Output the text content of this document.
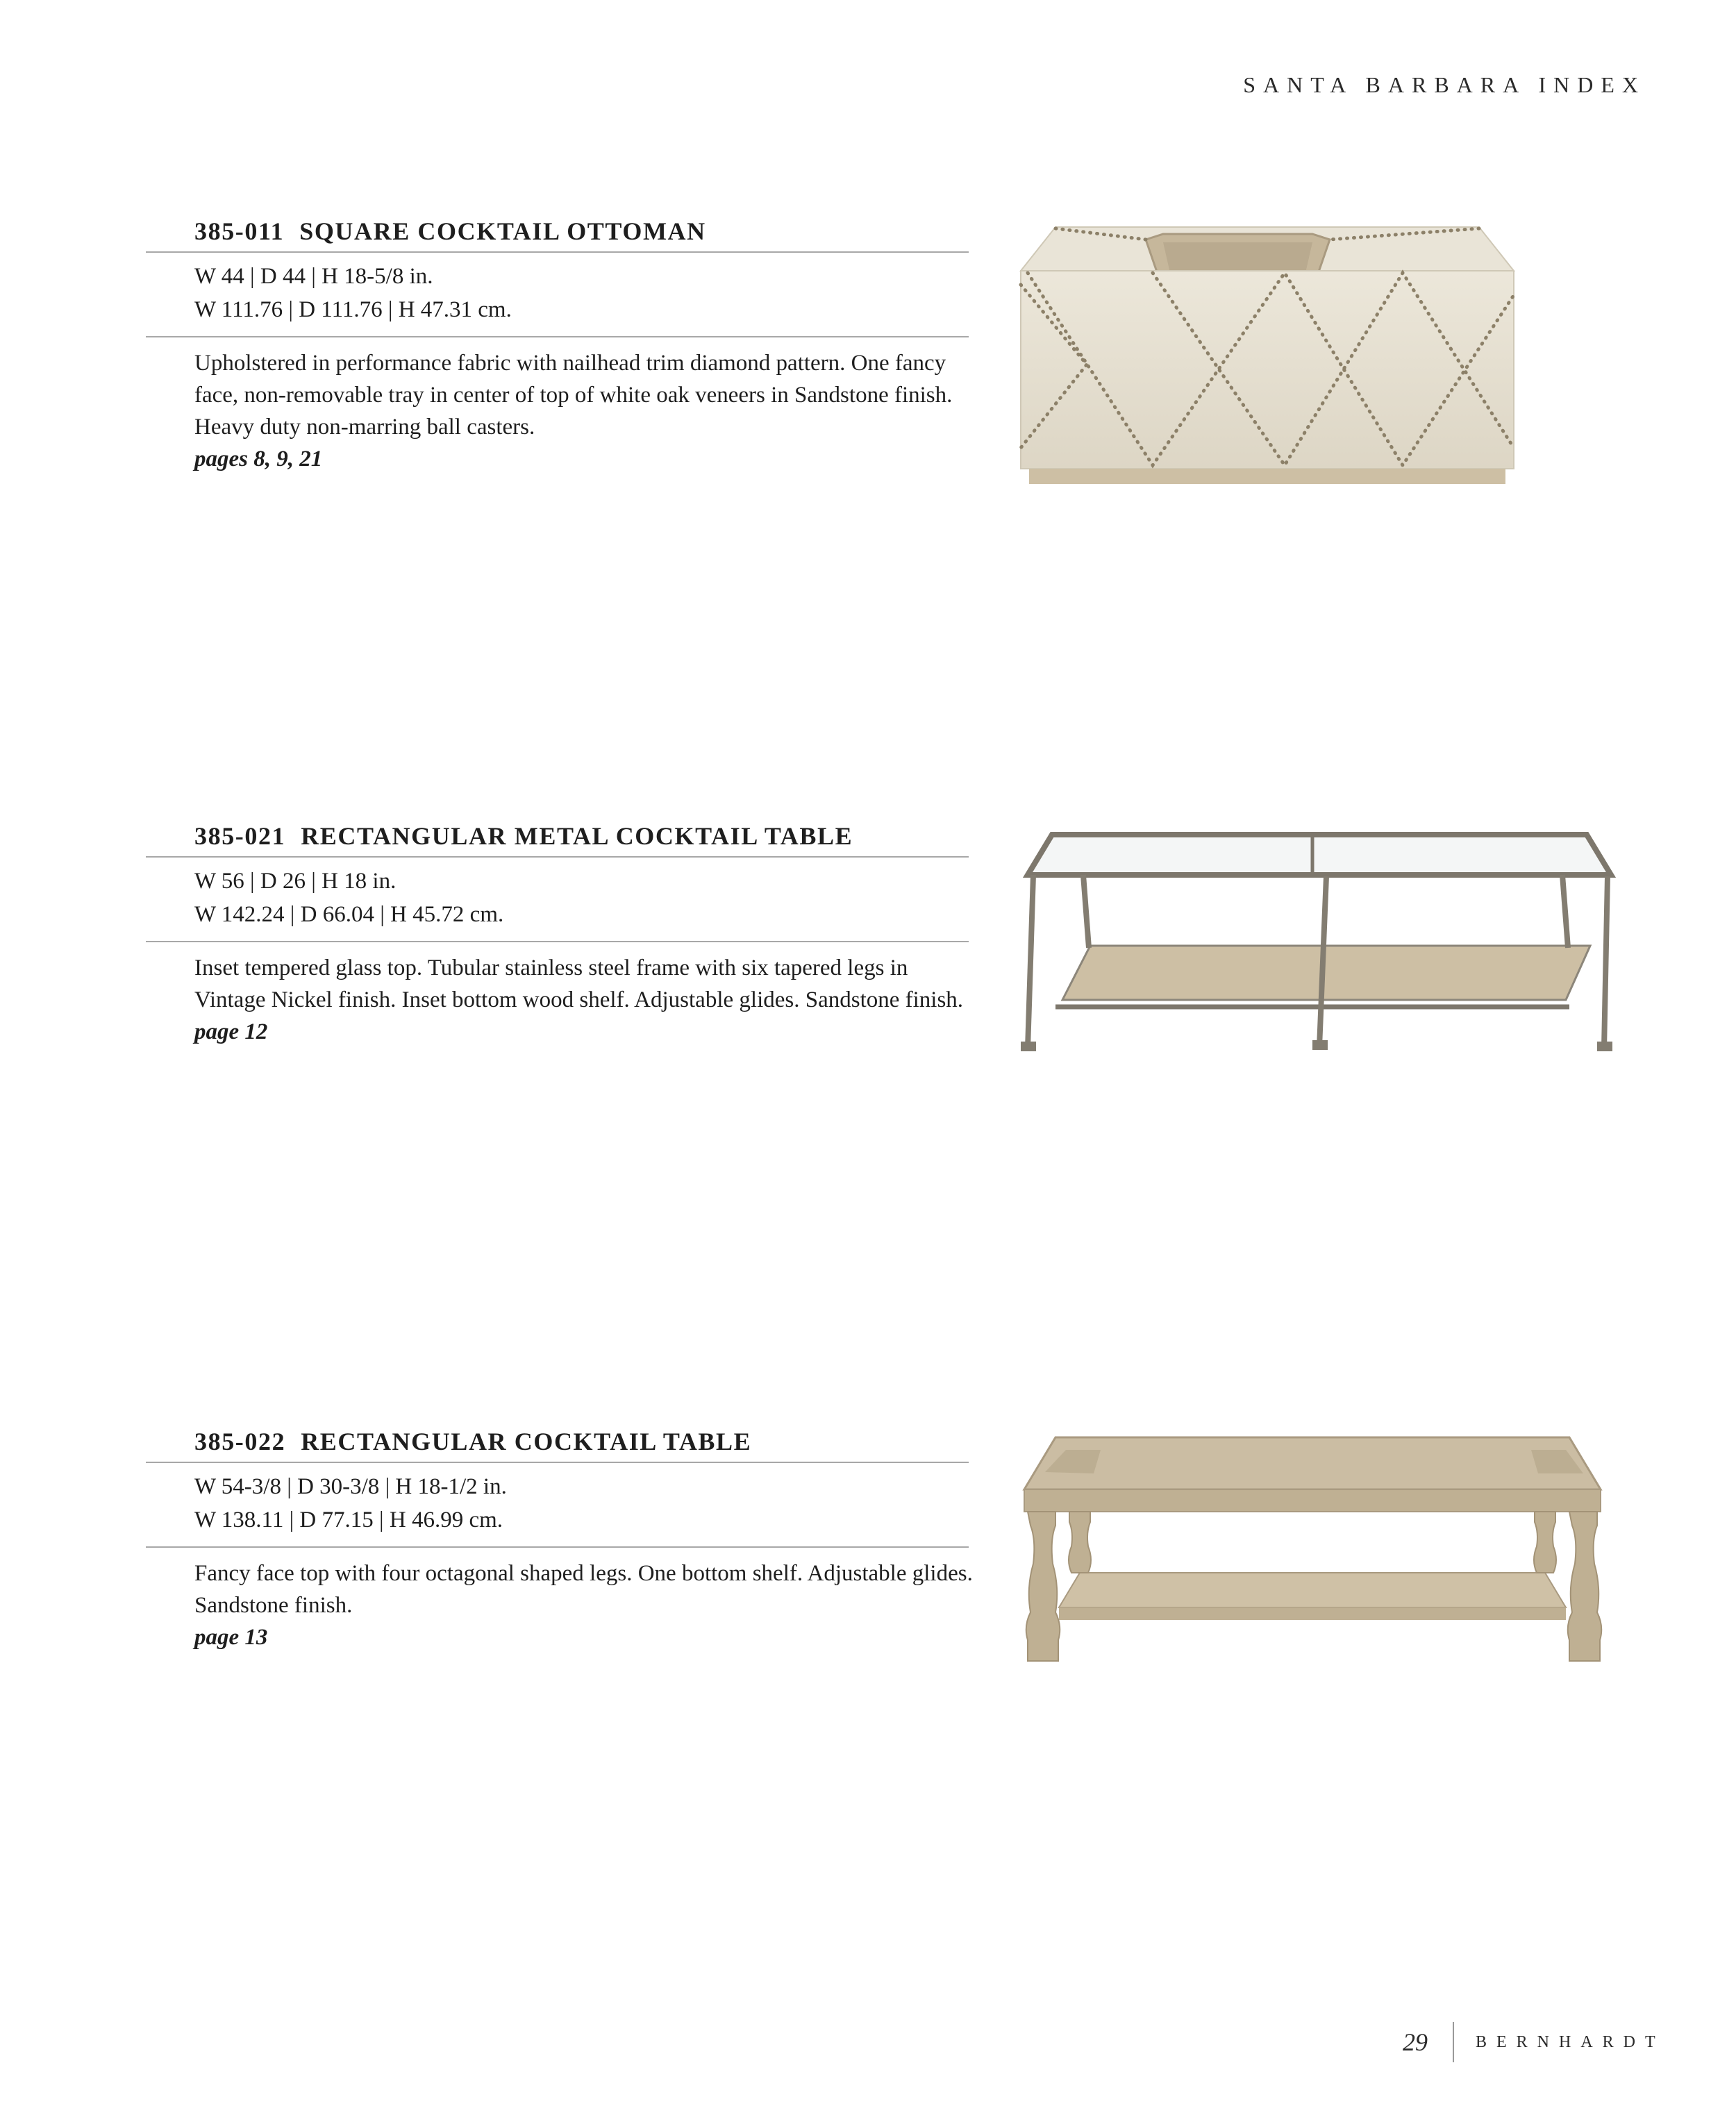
SANTA BARBARA INDEX
385-011 SQUARE COCKTAIL OTTOMAN
W 44 | D 44 | H 18-5/8 in.
W 111.76 | D 111.76 | H 47.31 cm.
Upholstered in performance fabric with nailhead trim diamond pattern. One fancy face, non-removable tray in center of top of white oak veneers in Sandstone finish. Heavy duty non-marring ball casters.
pages 8, 9, 21
385-021 RECTANGULAR METAL COCKTAIL TABLE
W 56 | D 26 | H 18 in.
W 142.24 | D 66.04 | H 45.72 cm.
Inset tempered glass top. Tubular stainless steel frame with six tapered legs in Vintage Nickel finish. Inset bottom wood shelf. Adjustable glides. Sandstone finish.
page 12
385-022 RECTANGULAR COCKTAIL TABLE
W 54-3/8 | D 30-3/8 | H 18-1/2 in.
W 138.11 | D 77.15 | H 46.99 cm.
Fancy face top with four octagonal shaped legs. One bottom shelf. Adjustable glides. Sandstone finish.
page 13
29	BERNHARDT
